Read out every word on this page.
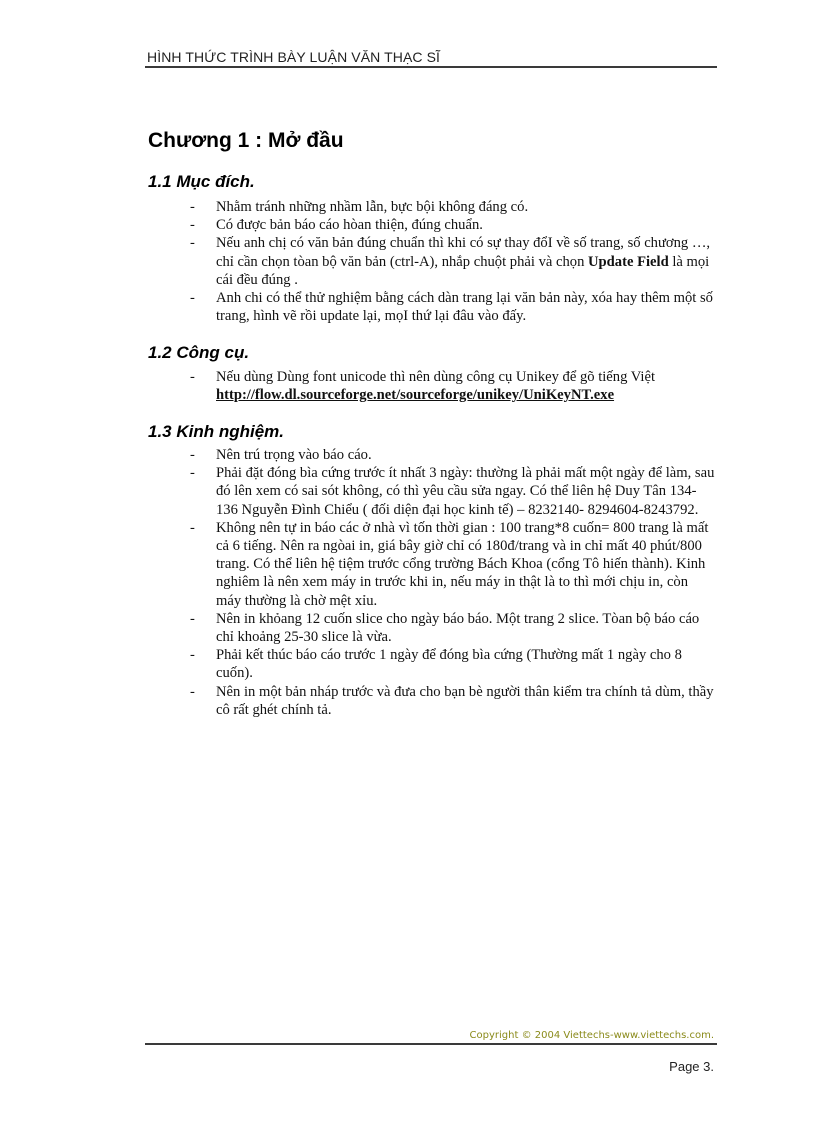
HÌNH THỨC TRÌNH BÀY LUẬN VĂN THẠC SĨ
Chương 1 : Mở đầu
1.1 Mục đích.
- Nhằm tránh những nhầm lẫn, bực bội không đáng có.
- Có được bản báo cáo hòan thiện, đúng chuẩn.
- Nếu anh chị có văn bản đúng chuẩn thì khi có sự thay đổI về số trang, số chương …, chỉ cần chọn tòan bộ văn bản (ctrl-A), nhắp chuột phải và chọn Update Field là mọi cái đều đúng .
- Anh chi có thể thử nghiệm bằng cách dàn trang lại văn bản này, xóa hay thêm một số trang, hình vẽ rồi update lại, mọI thứ lại đâu vào đấy.
1.2 Công cụ.
- Nếu dùng Dùng font unicode thì nên dùng công cụ Unikey để gõ tiếng Việt
http://flow.dl.sourceforge.net/sourceforge/unikey/UniKeyNT.exe
1.3 Kinh nghiệm.
- Nên trú trọng vào báo cáo.
- Phải đặt đóng bìa cứng trước ít nhất 3 ngày: thường là phải mất một ngày để làm, sau đó lên xem có sai sót không, có thì yêu cầu sửa ngay. Có thể liên hệ Duy Tân 134-136 Nguyễn Đình Chiểu ( đối diện đại học kinh tế) – 8232140- 8294604-8243792.
- Không nên tự in báo các ở nhà vì tốn thời gian : 100 trang*8 cuốn= 800 trang là mất cả 6 tiếng. Nên ra ngòai in, giá bây giờ chỉ có 180đ/trang và in chỉ mất 40 phút/800 trang. Có thể liên hệ tiệm trước cổng trường Bách Khoa (cổng Tô hiến thành). Kinh nghiêm là nên xem máy in trước khi in, nếu máy in thật là to thì mới chịu in, còn máy thường là chờ mệt xỉu.
- Nên in khỏang 12 cuốn slice cho ngày báo báo. Một trang 2 slice. Tòan bộ báo cáo chỉ khoảng 25-30 slice là vừa.
- Phải kết thúc báo cáo trước 1 ngày để đóng bìa cứng (Thường mất 1 ngày cho 8 cuốn).
- Nên in một bản nháp trước và đưa cho bạn bè người thân kiểm tra chính tả dùm, thầy cô rất ghét chính tả.
Copyright © 2004 Viettechs-www.viettechs.com.
Page 3.
